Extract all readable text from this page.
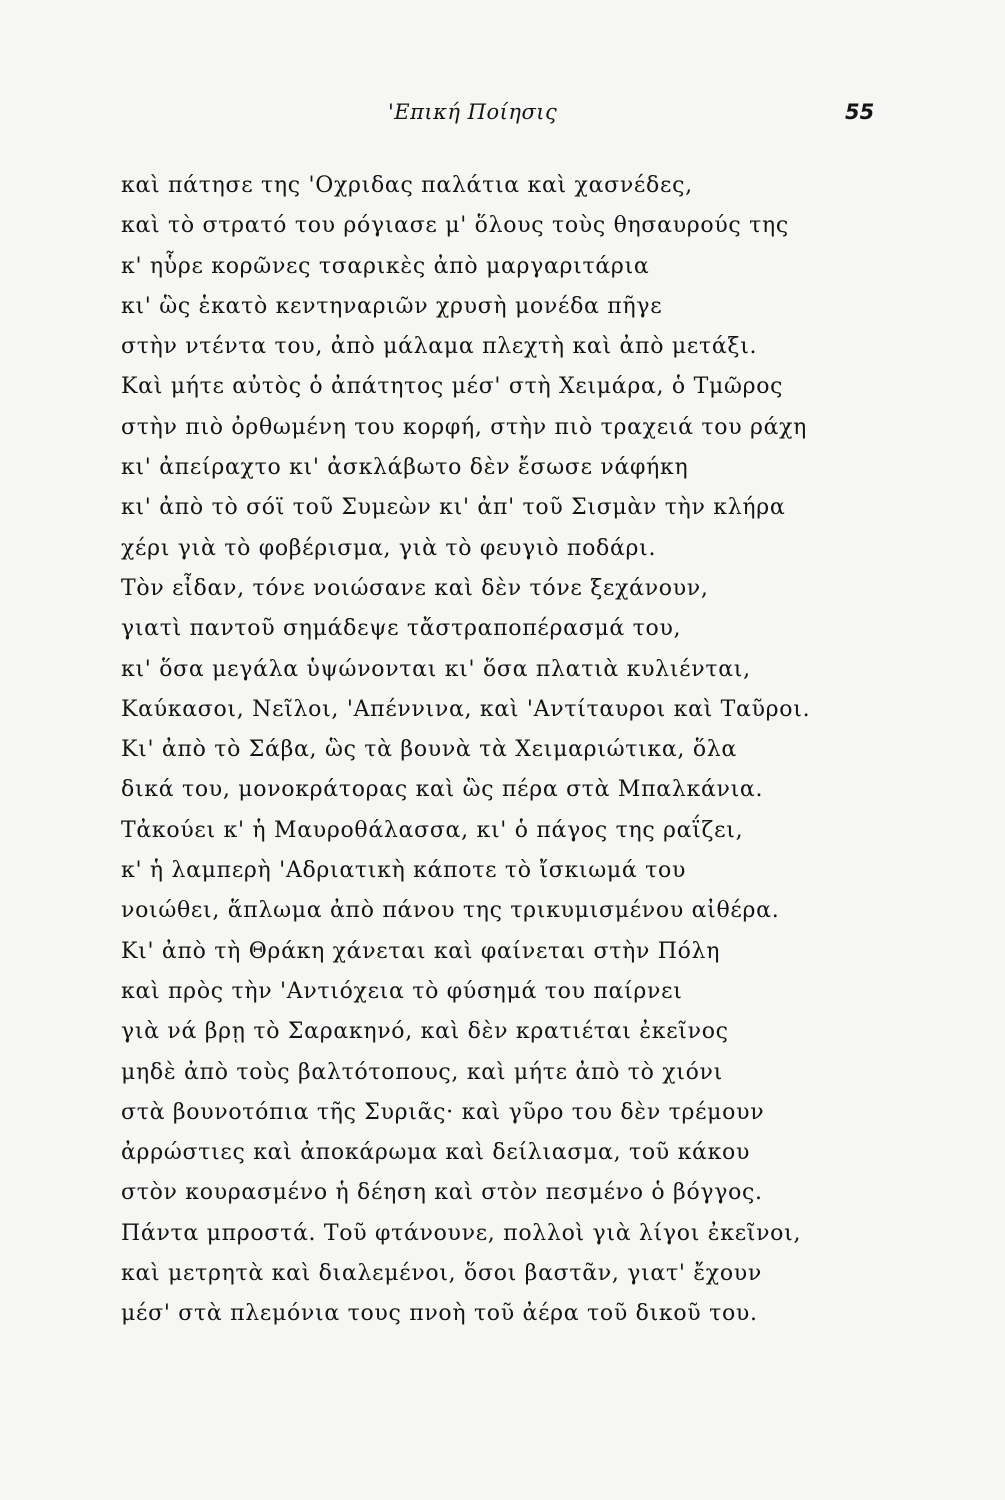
'Επική Ποίησις	55
καὶ πάτησε της 'Οχριδας παλάτια καὶ χασνέδες,
καὶ τὸ στρατό του ρόγιασε μ' ὅλους τοὺς θησαυρούς της
κ' ηὗρε κορῶνες τσαρικὲς ἀπὸ μαργαριτάρια
κι' ὣς ἑκατὸ κεντηναριῶν χρυσὴ μονέδα πῆγε
στὴν ντέντα του, ἀπὸ μάλαμα πλεχτὴ καὶ ἀπὸ μετάξι.
Καὶ μήτε αὐτὸς ὁ ἀπάτητος μέσ' στὴ Χειμάρα, ὁ Τμῶρος
στὴν πιὸ ὀρθωμένη του κορφή, στὴν πιὸ τραχειά του ράχη
κι' ἀπείραχτο κι' ἀσκλάβωτο δὲν ἔσωσε νάφήκη
κι' ἀπὸ τὸ σόϊ τοῦ Συμεὼν κι' ἀπ' τοῦ Σισμὰν τὴν κλήρα
χέρι γιὰ τὸ φοβέρισμα, γιὰ τὸ φευγιὸ ποδάρι.
Τὸν εἶδαν, τόνε νοιώσανε καὶ δὲν τόνε ξεχάνουν,
γιατὶ παντοῦ σημάδεψε τἄστραποπέρασμά του,
κι' ὅσα μεγάλα ὑψώνονται κι' ὅσα πλατιὰ κυλιένται,
Καύκασοι, Νεῖλοι, 'Απέννινα, καὶ 'Αντίταυροι καὶ Ταῦροι.
Κι' ἀπὸ τὸ Σάβα, ὣς τὰ βουνὰ τὰ Χειμαριώτικα, ὅλα
δικά του, μονοκράτορας καὶ ὣς πέρα στὰ Μπαλκάνια.
Τἀκούει κ' ἡ Μαυροθάλασσα, κι' ὁ πάγος της ραΐζει,
κ' ἡ λαμπερὴ 'Αδριατικὴ κάποτε τὸ ἴσκιωμά του
νοιώθει, ἅπλωμα ἀπὸ πάνου της τρικυμισμένου αἰθέρα.
Κι' ἀπὸ τὴ Θράκη χάνεται καὶ φαίνεται στὴν Πόλη
καὶ πρὸς τὴν 'Αντιόχεια τὸ φύσημά του παίρνει
γιὰ νά βρῃ τὸ Σαρακηνό, καὶ δὲν κρατιέται ἐκεῖνος
μηδὲ ἀπὸ τοὺς βαλτότοπους, καὶ μήτε ἀπὸ τὸ χιόνι
στὰ βουνοτόπια τῆς Συριᾶς· καὶ γῦρο του δὲν τρέμουν
ἀρρώστιες καὶ ἀποκάρωμα καὶ δείλιασμα, τοῦ κάκου
στὸν κουρασμένο ἡ δέηση καὶ στὸν πεσμένο ὁ βόγγος.
Πάντα μπροστά. Τοῦ φτάνουνε, πολλοὶ γιὰ λίγοι ἐκεῖνοι,
καὶ μετρητὰ καὶ διαλεμένοι, ὅσοι βαστᾶν, γιατ' ἔχουν
μέσ' στὰ πλεμόνια τους πνοὴ τοῦ ἀέρα τοῦ δικοῦ του.
